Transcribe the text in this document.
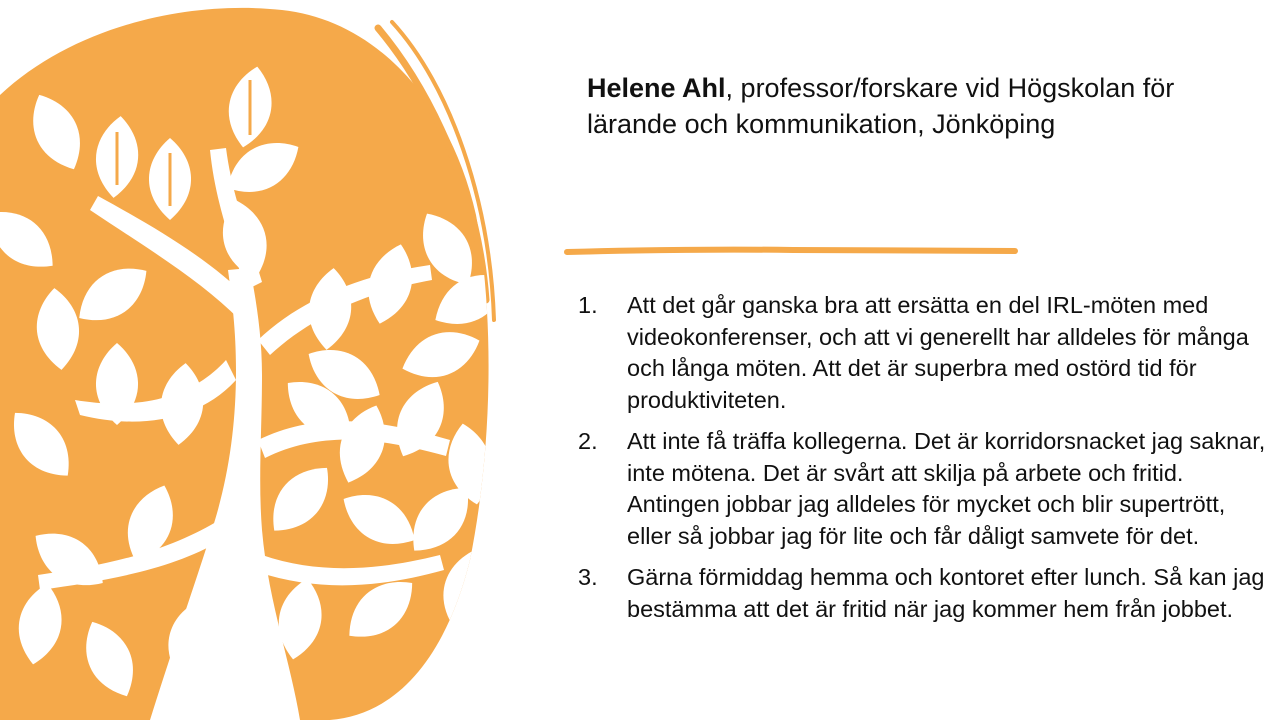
Helene Ahl, professor/forskare vid Högskolan för lärande och kommunikation, Jönköping
1. Att det går ganska bra att ersätta en del IRL-möten med videokonferenser, och att vi generellt har alldeles för många och långa möten. Att det är superbra med ostörd tid för produktiviteten.
2. Att inte få träffa kollegerna. Det är korridorsnacket jag saknar, inte mötena. Det är svårt att skilja på arbete och fritid. Antingen jobbar jag alldeles för mycket och blir supertrött, eller så jobbar jag för lite och får dåligt samvete för det.
3. Gärna förmiddag hemma och kontoret efter lunch. Så kan jag bestämma att det är fritid när jag kommer hem från jobbet.
